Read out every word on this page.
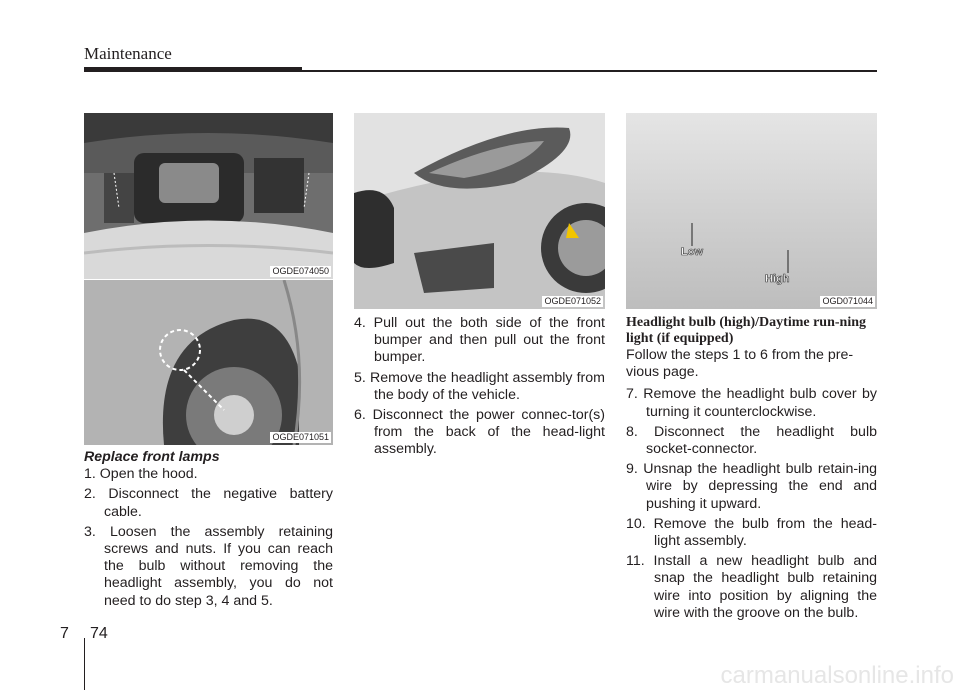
Maintenance
OGDE074050
OGDE071051
OGDE071052
Low
High
OGD071044

Replace front lamps

1. Open the hood.
2. Disconnect the negative battery cable.
3. Loosen the assembly retaining screws and nuts. If you can reach the bulb without removing the headlight assembly, you do not need to do step 3, 4 and 5.
4. Pull out the both side of the front bumper and then pull out the front bumper.
5. Remove the headlight assembly from the body of the vehicle.
6. Disconnect the power connec-tor(s) from the back of the head-light assembly.

Headlight bulb (high)/Daytime run-ning light (if equipped)

Follow the steps 1 to 6 from the pre-vious page.

7. Remove the headlight bulb cover by turning it counterclockwise.
8. Disconnect the headlight bulb socket-connector.
9. Unsnap the headlight bulb retain-ing wire by depressing the end and pushing it upward.
10. Remove the bulb from the head-light assembly.
11. Install a new headlight bulb and snap the headlight bulb retaining wire into position by aligning the wire with the groove on the bulb.
7 74
carmanualsonline.info
